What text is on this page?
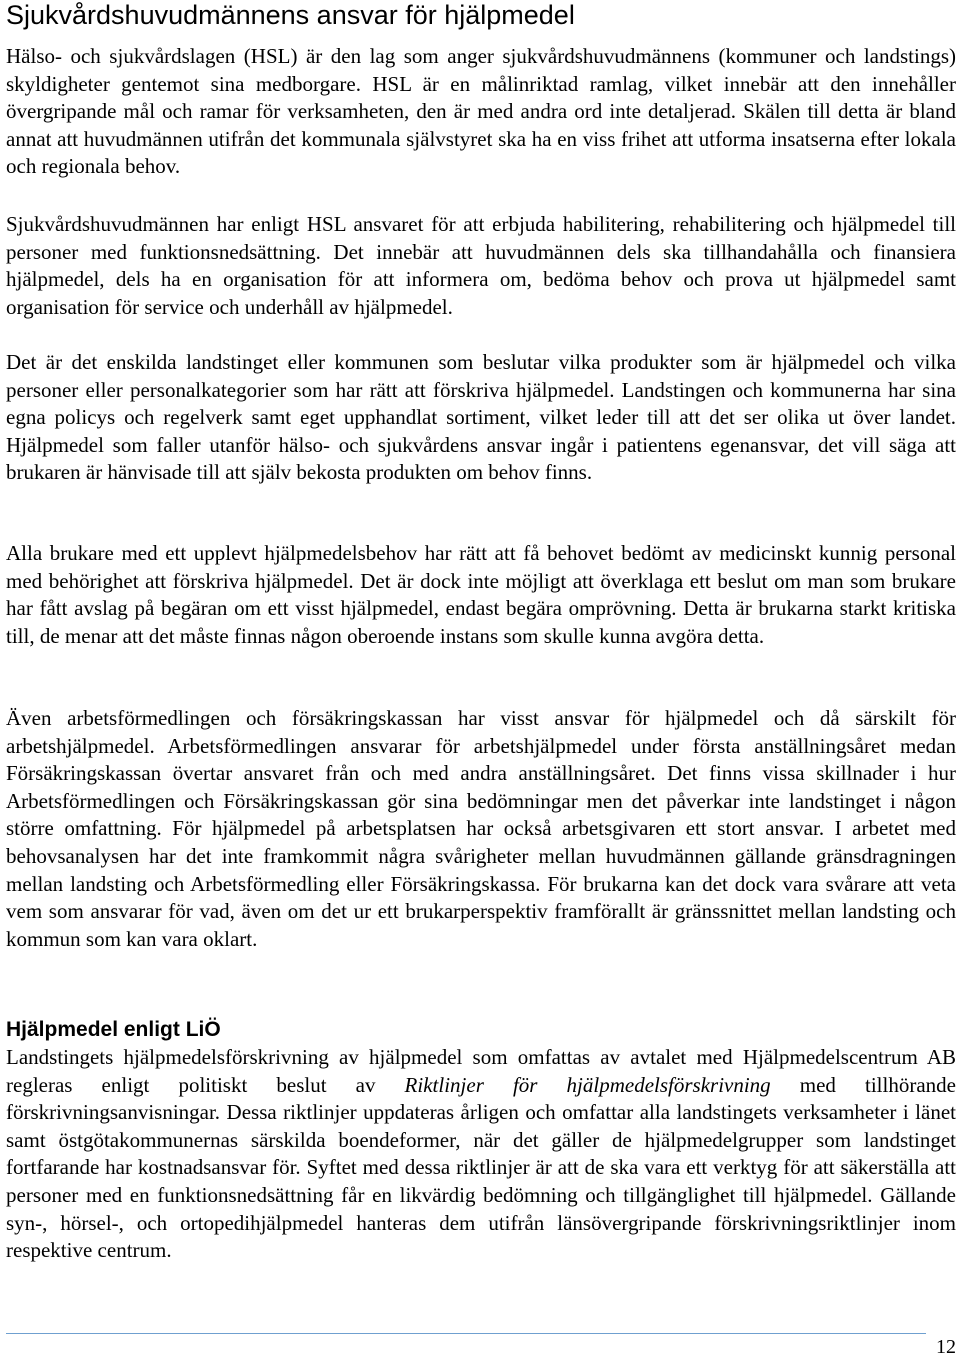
Sjukvårdshuvudmännens ansvar för hjälpmedel

Hälso- och sjukvårdslagen (HSL) är den lag som anger sjukvårdshuvudmännens (kommuner och landstings) skyldigheter gentemot sina medborgare. HSL är en målinriktad ramlag, vilket innebär att den innehåller övergripande mål och ramar för verksamheten, den är med andra ord inte detaljerad. Skälen till detta är bland annat att huvudmännen utifrån det kommunala självstyret ska ha en viss frihet att utforma insatserna efter lokala och regionala behov.

Sjukvårdshuvudmännen har enligt HSL ansvaret för att erbjuda habilitering, rehabilitering och hjälpmedel till personer med funktionsnedsättning. Det innebär att huvudmännen dels ska tillhandahålla och finansiera hjälpmedel, dels ha en organisation för att informera om, bedöma behov och prova ut hjälpmedel samt organisation för service och underhåll av hjälpmedel.

Det är det enskilda landstinget eller kommunen som beslutar vilka produkter som är hjälpmedel och vilka personer eller personalkategorier som har rätt att förskriva hjälpmedel. Landstingen och kommunerna har sina egna policys och regelverk samt eget upphandlat sortiment, vilket leder till att det ser olika ut över landet. Hjälpmedel som faller utanför hälso- och sjukvårdens ansvar ingår i patientens egenansvar, det vill säga att brukaren är hänvisade till att själv bekosta produkten om behov finns.

Alla brukare med ett upplevt hjälpmedelsbehov har rätt att få behovet bedömt av medicinskt kunnig personal med behörighet att förskriva hjälpmedel. Det är dock inte möjligt att överklaga ett beslut om man som brukare har fått avslag på begäran om ett visst hjälpmedel, endast begära omprövning. Detta är brukarna starkt kritiska till, de menar att det måste finnas någon oberoende instans som skulle kunna avgöra detta.

Även arbetsförmedlingen och försäkringskassan har visst ansvar för hjälpmedel och då särskilt för arbetshjälpmedel. Arbetsförmedlingen ansvarar för arbetshjälpmedel under första anställningsåret medan Försäkringskassan övertar ansvaret från och med andra anställningsåret. Det finns vissa skillnader i hur Arbetsförmedlingen och Försäkringskassan gör sina bedömningar men det påverkar inte landstinget i någon större omfattning. För hjälpmedel på arbetsplatsen har också arbetsgivaren ett stort ansvar. I arbetet med behovsanalysen har det inte framkommit några svårigheter mellan huvudmännen gällande gränsdragningen mellan landsting och Arbetsförmedling eller Försäkringskassa. För brukarna kan det dock vara svårare att veta vem som ansvarar för vad, även om det ur ett brukarperspektiv framförallt är gränssnittet mellan landsting och kommun som kan vara oklart.

Hjälpmedel enligt LiÖ

Landstingets hjälpmedelsförskrivning av hjälpmedel som omfattas av avtalet med Hjälpmedelscentrum AB regleras enligt politiskt beslut av Riktlinjer för hjälpmedelsförskrivning med tillhörande förskrivningsanvisningar. Dessa riktlinjer uppdateras årligen och omfattar alla landstingets verksamheter i länet samt östgötakommunernas särskilda boendeformer, när det gäller de hjälpmedelgrupper som landstinget fortfarande har kostnadsansvar för. Syftet med dessa riktlinjer är att de ska vara ett verktyg för att säkerställa att personer med en funktionsnedsättning får en likvärdig bedömning och tillgänglighet till hjälpmedel. Gällande syn-, hörsel-, och ortopedihjälpmedel hanteras dem utifrån länsövergripande förskrivningsriktlinjer inom respektive centrum.

12
